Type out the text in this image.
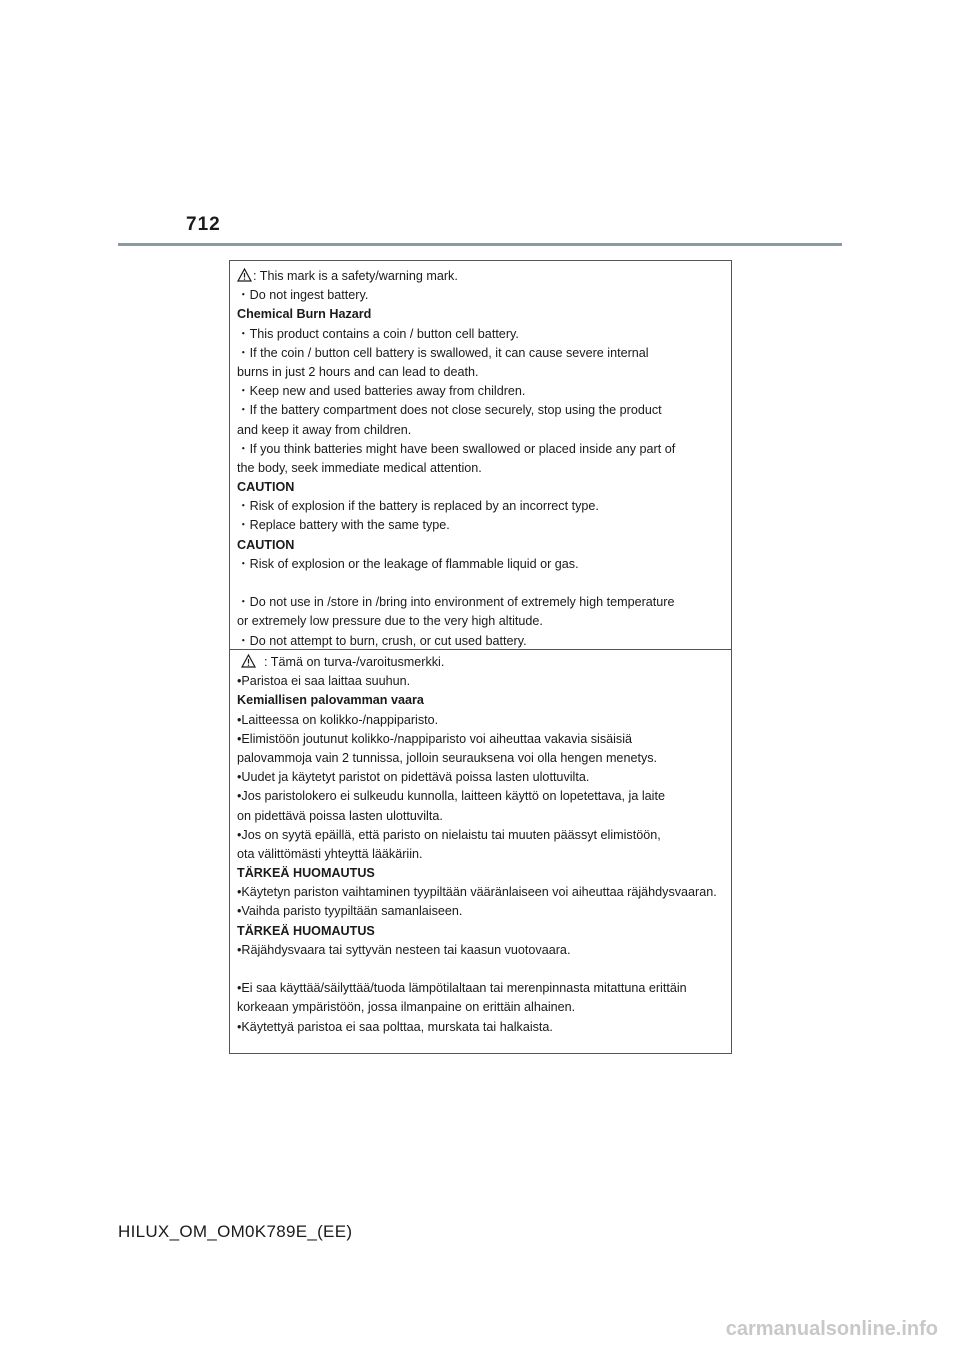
712
: This mark is a safety/warning mark.
・Do not ingest battery.
Chemical Burn Hazard
・This product contains a coin / button cell battery.
・If the coin / button cell battery is swallowed, it can cause severe internal
burns in just 2 hours and can lead to death.
・Keep new and used batteries away from children.
・If the battery compartment does not close securely, stop using the product
and keep it away from children.
・If you think batteries might have been swallowed or placed inside any part of
the body, seek immediate medical attention.
CAUTION
・Risk of explosion if the battery is replaced by an incorrect type.
・Replace battery with the same type.
CAUTION
・Risk of explosion or the leakage of flammable liquid or gas.
・Do not use in /store in /bring into environment of extremely high temperature
or extremely low pressure due to the very high altitude.
・Do not attempt to burn, crush, or cut used battery.
: Tämä on turva-/varoitusmerkki.
•Paristoa ei saa laittaa suuhun.
Kemiallisen palovamman vaara
•Laitteessa on kolikko-/nappiparisto.
•Elimistöön joutunut kolikko-/nappiparisto voi aiheuttaa vakavia sisäisiä
palovammoja vain 2 tunnissa, jolloin seurauksena voi olla hengen menetys.
•Uudet ja käytetyt paristot on pidettävä poissa lasten ulottuvilta.
•Jos paristolokero ei sulkeudu kunnolla, laitteen käyttö on lopetettava, ja laite
on pidettävä poissa lasten ulottuvilta.
•Jos on syytä epäillä, että paristo on nielaistu tai muuten päässyt elimistöön,
ota välittömästi yhteyttä lääkäriin.
TÄRKEÄ HUOMAUTUS
•Käytetyn pariston vaihtaminen tyypiltään vääränlaiseen voi aiheuttaa räjähdysvaaran.
•Vaihda paristo tyypiltään samanlaiseen.
TÄRKEÄ HUOMAUTUS
•Räjähdysvaara tai syttyvän nesteen tai kaasun vuotovaara.
•Ei saa käyttää/säilyttää/tuoda lämpötilaltaan tai merenpinnasta mitattuna erittäin
korkeaan ympäristöön, jossa ilmanpaine on erittäin alhainen.
•Käytettyä paristoa ei saa polttaa, murskata tai halkaista.
HILUX_OM_OM0K789E_(EE)
carmanualsonline.info
